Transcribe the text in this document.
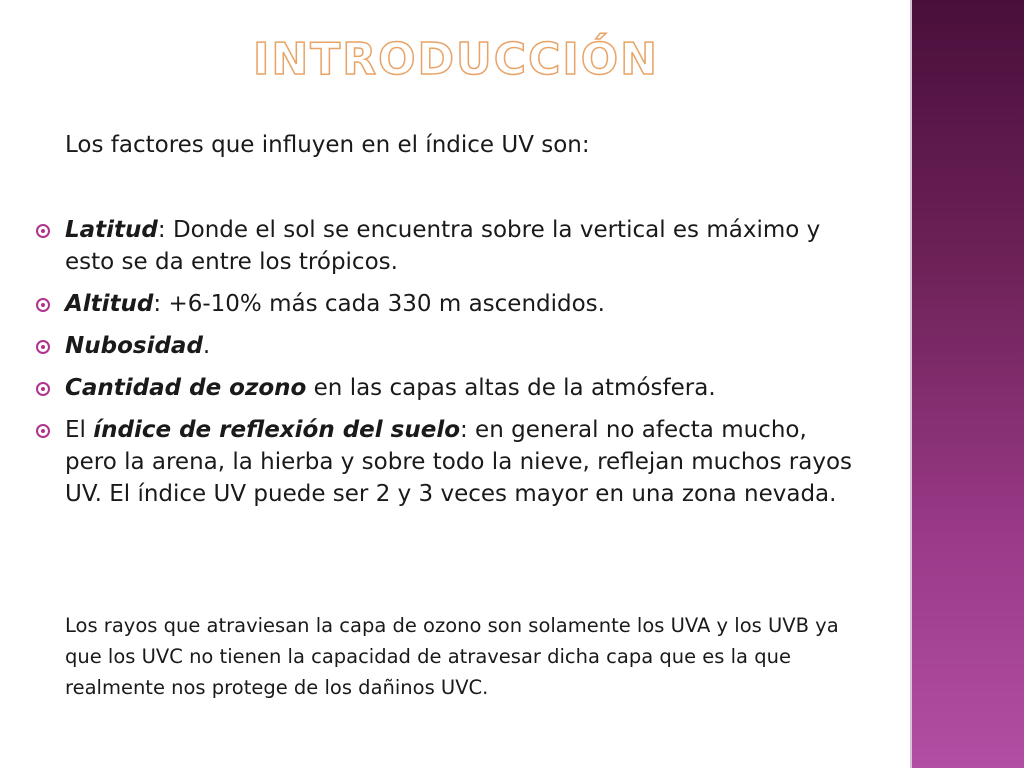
INTRODUCCIÓN

Los factores que influyen en el índice UV son:

Latitud: Donde el sol se encuentra sobre la vertical es máximo y esto se da entre los trópicos.
Altitud: +6-10% más cada 330 m ascendidos.
Nubosidad.
Cantidad de ozono en las capas altas de la atmósfera.
El índice de reflexión del suelo: en general no afecta mucho, pero la arena, la hierba y sobre todo la nieve, reflejan muchos rayos UV. El índice UV puede ser 2 y 3 veces mayor en una zona nevada.

Los rayos que atraviesan la capa de ozono son solamente los UVA y los UVB ya que los UVC no tienen la capacidad de atravesar dicha capa que es la que realmente nos protege de los dañinos UVC.
